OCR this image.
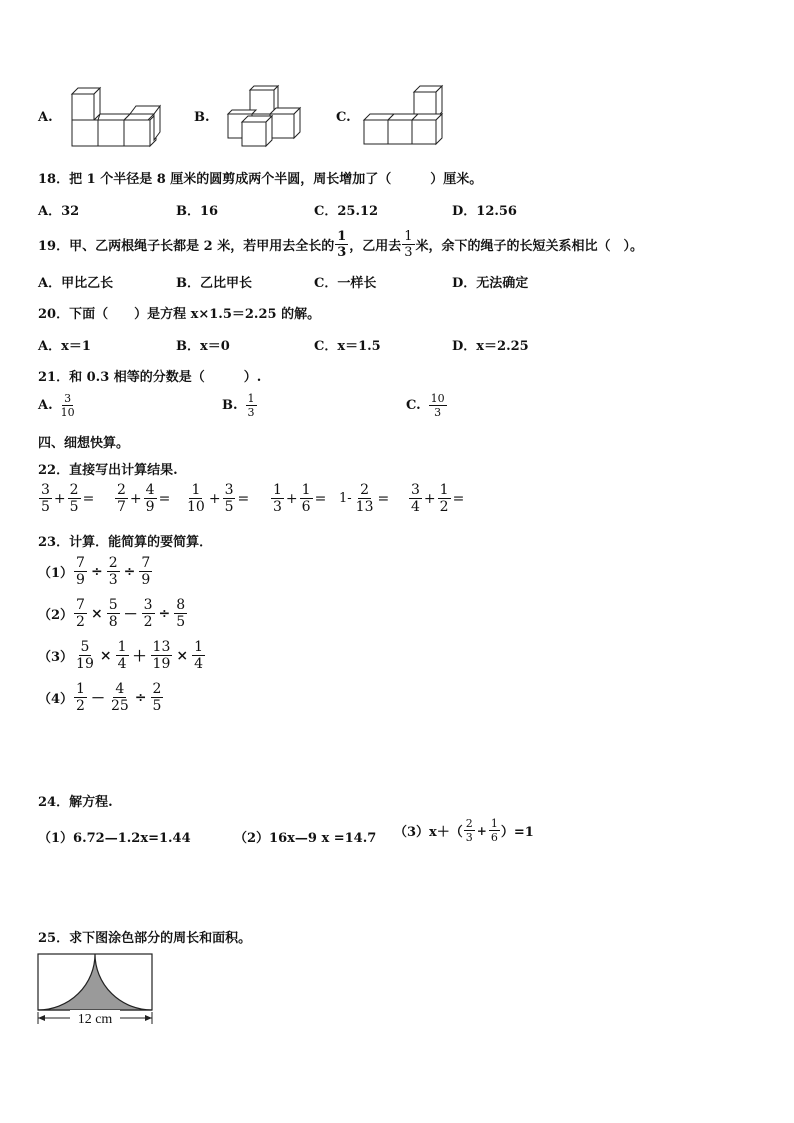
A.	B.	C.
18．把 1 个半径是 8 厘米的圆剪成两个半圆，周长增加了（　　　）厘米。
A．32	B．16	C．25.12	D．12.56
19．甲、乙两根绳子长都是 2 米，若甲用去全长的 $\frac{1}{3}$ ，乙用去 $\frac{1}{3}$ 米，余下的绳子的长短关系相比（　）。
A．甲比乙长	B．乙比甲长	C．一样长	D．无法确定
20．下面（　　）是方程 x×1.5＝2.25 的解。
A．x＝1	B．x＝0	C．x＝1.5	D．x＝2.25
21．和 0.3 相等的分数是（　　　）.
A. $\frac{3}{10}$	B. $\frac{1}{3}$	C. $\frac{10}{3}$
四、细想快算。
22．直接写出计算结果.
$\frac{3}{5} + \frac{2}{5} = \frac{2}{7} + \frac{4}{9} = \frac{1}{10} + \frac{3}{5} = \frac{1}{3} + \frac{1}{6} = 1- \frac{2}{13} = \frac{3}{4} + \frac{1}{2}$ =
23．计算．能简算的要简算．
$(1) \frac{7}{9} \div \frac{2}{3} \div \frac{7}{9}$
$(2) \frac{7}{2} \times \frac{5}{8} - \frac{3}{2} \div \frac{8}{5}$
$(3) \frac{5}{19} \times \frac{1}{4} + \frac{13}{19} \times \frac{1}{4}$
$(4) \frac{1}{2} - \frac{4}{25} \div \frac{2}{5}$
24．解方程.
（1）6.72—1.2x=1.44	（2）16x—9 x =14.7 $(3)x+( \frac{2}{3} + \frac{1}{6} )=1$
25．求下图涂色部分的周长和面积。
12 cm
